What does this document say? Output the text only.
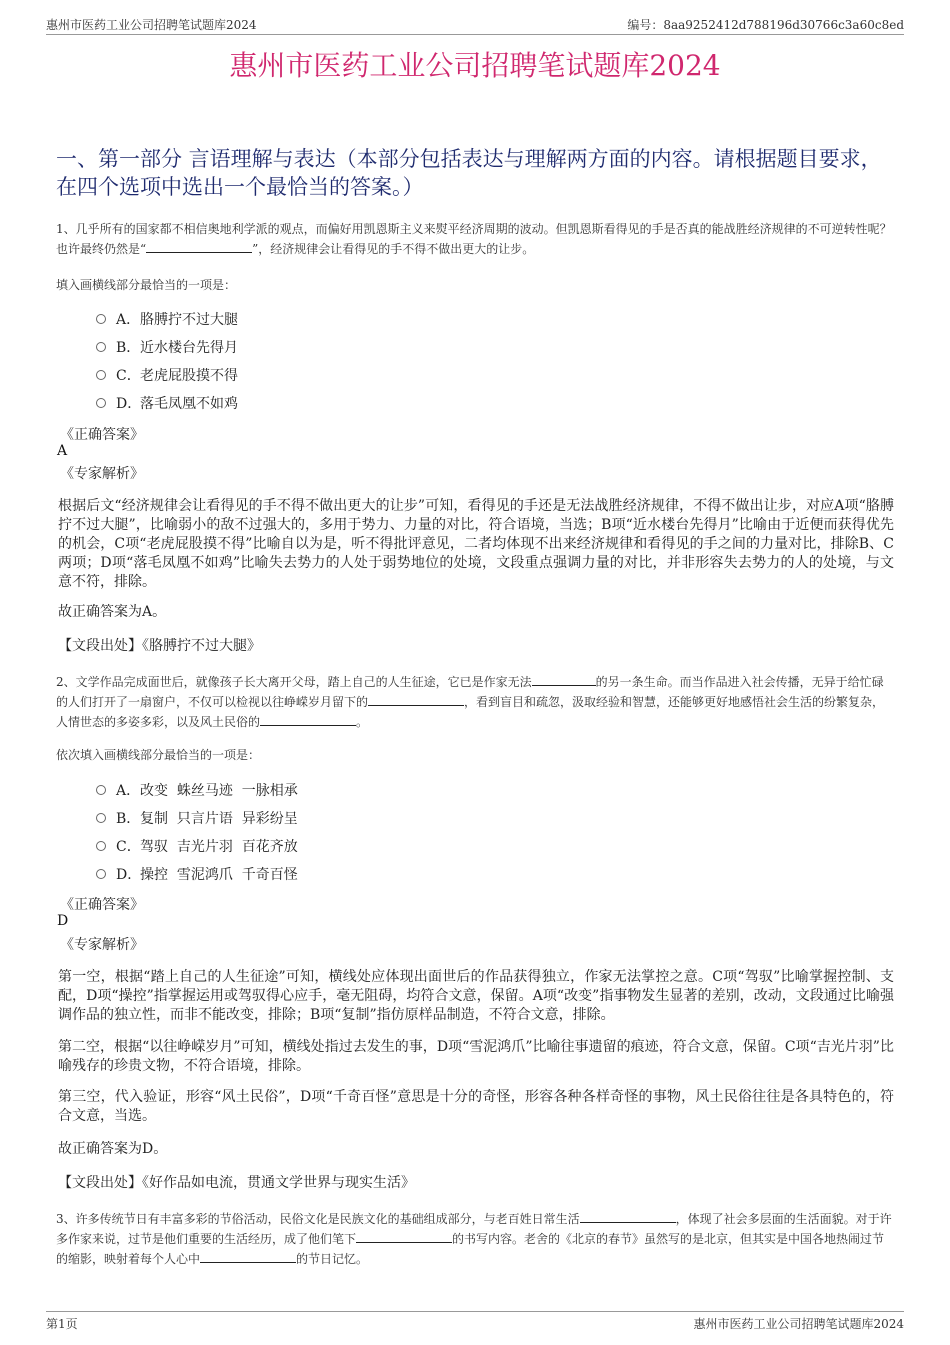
惠州市医药工业公司招聘笔试题库2024	编号：8aa9252412d788196d30766c3a60c8ed
惠州市医药工业公司招聘笔试题库2024
一、第一部分 言语理解与表达（本部分包括表达与理解两方面的内容。请根据题目要求，在四个选项中选出一个最恰当的答案。）
1、几乎所有的国家都不相信奥地利学派的观点，而偏好用凯恩斯主义来熨平经济周期的波动。但凯恩斯看得见的手是否真的能战胜经济规律的不可逆转性呢？也许最终仍然是“	”，经济规律会让看得见的手不得不做出更大的让步。
填入画横线部分最恰当的一项是：
A． 胳膊拧不过大腿
B． 近水楼台先得月
C． 老虎屁股摸不得
D．
落毛凤凰不如鸡
《正确答案》
A
《专家解析》
根据后文“经济规律会让看得见的手不得不做出更大的让步”可知，看得见的手还是无法战胜经济规律，不得不做出让步，对应A项“胳膊拧不过大腿”，比喻弱小的敌不过强大的，多用于势力、力量的对比，符合语境，当选；B项“近水楼台先得月”比喻由于近便而获得优先的机会，C项“老虎屁股摸不得”比喻自以为是，听不得批评意见，二者均体现不出来经济规律和看得见的手之间的力量对比，排除B、C两项；D项“落毛凤凰不如鸡”比喻失去势力的人处于弱势地位的处境，文段重点强调力量的对比，并非形容失去势力的人的处境，与文意不符，排除。
故正确答案为A。
【文段出处】《胳膊拧不过大腿》
2、文学作品完成面世后，就像孩子长大离开父母，踏上自己的人生征途，它已是作家无法	的另一条生命。而当作品进入社会传播，无异于给忙碌的人们打开了一扇窗户，不仅可以检视以往峥嵘岁月留下的	，看到盲目和疏忽，汲取经验和智慧，还能够更好地感悟社会生活的纷繁复杂，人情世态的多姿多彩，以及风土民俗的	。
依次填入画横线部分最恰当的一项是：
A． 改变  蛛丝马迹  一脉相承
B． 复制  只言片语  异彩纷呈
C． 驾驭  吉光片羽  百花齐放
D．
操控  雪泥鸿爪  千奇百怪
《正确答案》
D
《专家解析》
第一空，根据“踏上自己的人生征途”可知，横线处应体现出面世后的作品获得独立，作家无法掌控之意。C项“驾驭”比喻掌握控制、支配，D项“操控”指掌握运用或驾驭得心应手，毫无阻碍，均符合文意，保留。A项“改变”指事物发生显著的差别，改动，文段通过比喻强调作品的独立性，而非不能改变，排除；B项“复制”指仿原样品制造，不符合文意，排除。
第二空，根据“以往峥嵘岁月”可知，横线处指过去发生的事，D项“雪泥鸿爪”比喻往事遗留的痕迹，符合文意，保留。C项“吉光片羽”比喻残存的珍贵文物，不符合语境，排除。
第三空，代入验证，形容“风土民俗”，D项“千奇百怪”意思是十分的奇怪，形容各种各样奇怪的事物，风土民俗往往是各具特色的，符合文意，当选。
故正确答案为D。
【文段出处】《好作品如电流，贯通文学世界与现实生活》
3、许多传统节日有丰富多彩的节俗活动，民俗文化是民族文化的基础组成部分，与老百姓日常生活	，体现了社会多层面的生活面貌。对于许多作家来说，过节是他们重要的生活经历，成了他们笔下	的书写内容。老舍的《北京的春节》虽然写的是北京，但其实是中国各地热闹过节的缩影，映射着每个人心中	的节日记忆。
第1页	惠州市医药工业公司招聘笔试题库2024
